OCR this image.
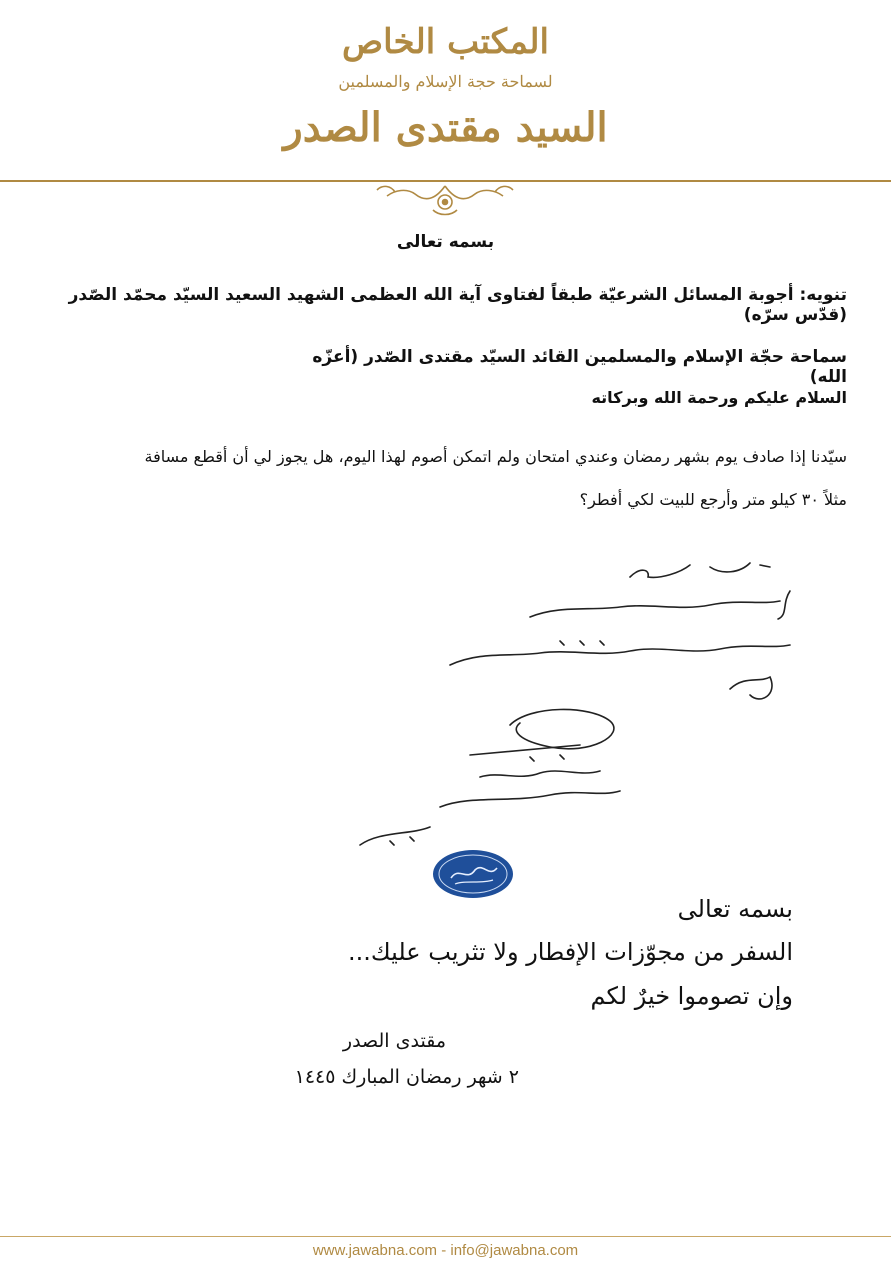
المكتب الخاص
لسماحة حجة الإسلام والمسلمين
السيد مقتدى الصدر
بسمه تعالى
تنويه: أجوبة المسائل الشرعيّة طبقاً لفتاوى آية الله العظمى الشهيد السعيد السيّد محمّد الصّدر (قدّس سرّه)
سماحة حجّة الإسلام والمسلمين القائد السيّد مقتدى الصّدر (أعزّه الله)
السلام عليكم ورحمة الله وبركاته
سيّدنا إذا صادف يوم بشهر رمضان وعندي امتحان ولم اتمكن أصوم لهذا اليوم، هل يجوز لي أن أقطع مسافة
مثلاً ٣٠ كيلو متر وأرجع للبيت لكي أفطر؟
بسمه تعالى
السفر من مجوّزات الإفطار ولا تثريب عليك...
وإن تصوموا خيرٌ لكم
مقتدى الصدر
٢ شهر رمضان المبارك ١٤٤٥
www.jawabna.com - info@jawabna.com
